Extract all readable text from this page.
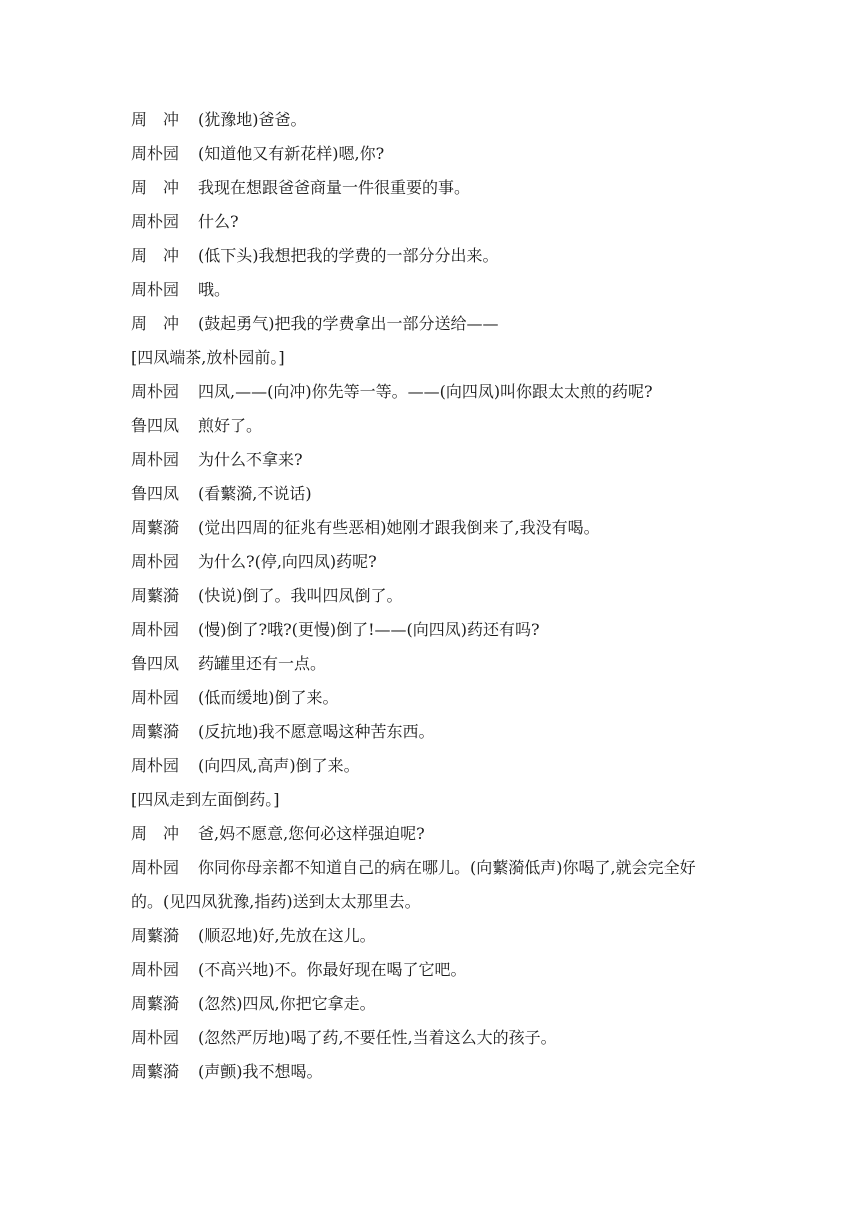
周　冲 (犹豫地)爸爸。
周朴园 (知道他又有新花样)嗯,你?
周　冲 我现在想跟爸爸商量一件很重要的事。
周朴园 什么?
周　冲 (低下头)我想把我的学费的一部分分出来。
周朴园 哦。
周　冲 (鼓起勇气)把我的学费拿出一部分送给——
[四凤端茶,放朴园前。]
周朴园 四凤,——(向冲)你先等一等。——(向四凤)叫你跟太太煎的药呢?
鲁四凤 煎好了。
周朴园 为什么不拿来?
鲁四凤 (看蘩漪,不说话)
周蘩漪 (觉出四周的征兆有些恶相)她刚才跟我倒来了,我没有喝。
周朴园 为什么?(停,向四凤)药呢?
周蘩漪 (快说)倒了。我叫四凤倒了。
周朴园 (慢)倒了?哦?(更慢)倒了!——(向四凤)药还有吗?
鲁四凤 药罐里还有一点。
周朴园 (低而缓地)倒了来。
周蘩漪 (反抗地)我不愿意喝这种苦东西。
周朴园 (向四凤,高声)倒了来。
[四凤走到左面倒药。]
周　冲 爸,妈不愿意,您何必这样强迫呢?
周朴园 你同你母亲都不知道自己的病在哪儿。(向蘩漪低声)你喝了,就会完全好
的。(见四凤犹豫,指药)送到太太那里去。
周蘩漪 (顺忍地)好,先放在这儿。
周朴园 (不高兴地)不。你最好现在喝了它吧。
周蘩漪 (忽然)四凤,你把它拿走。
周朴园 (忽然严厉地)喝了药,不要任性,当着这么大的孩子。
周蘩漪 (声颤)我不想喝。
